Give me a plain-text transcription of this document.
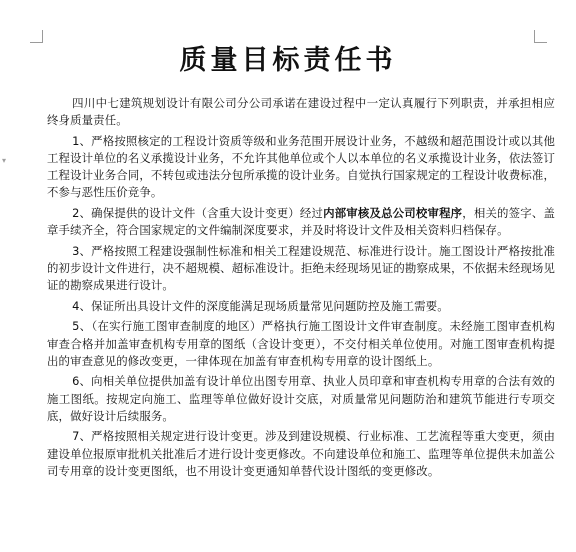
▾
质量目标责任书

四川中七建筑规划设计有限公司分公司承诺在建设过程中一定认真履行下列职责，并承担相应终身质量责任。

1、严格按照核定的工程设计资质等级和业务范围开展设计业务，不越级和超范围设计或以其他工程设计单位的名义承揽设计业务，不允许其他单位或个人以本单位的名义承揽设计业务，依法签订工程设计业务合同，不转包或违法分包所承揽的设计业务。自觉执行国家规定的工程设计收费标准，不参与恶性压价竞争。

2、确保提供的设计文件（含重大设计变更）经过内部审核及总公司校审程序，相关的签字、盖章手续齐全，符合国家规定的文件编制深度要求，并及时将设计文件及相关资料归档保存。

3、严格按照工程建设强制性标准和相关工程建设规范、标准进行设计。施工图设计严格按批准的初步设计文件进行，决不超规模、超标准设计。拒绝未经现场见证的勘察成果，不依据未经现场见证的勘察成果进行设计。

4、保证所出具设计文件的深度能满足现场质量常见问题防控及施工需要。

5、（在实行施工图审查制度的地区）严格执行施工图设计文件审查制度。未经施工图审查机构审查合格并加盖审查机构专用章的图纸（含设计变更），不交付相关单位使用。对施工图审查机构提出的审查意见的修改变更，一律体现在加盖有审查机构专用章的设计图纸上。

6、向相关单位提供加盖有设计单位出图专用章、执业人员印章和审查机构专用章的合法有效的施工图纸。按规定向施工、监理等单位做好设计交底，对质量常见问题防治和建筑节能进行专项交底，做好设计后续服务。

7、严格按照相关规定进行设计变更。涉及到建设规模、行业标准、工艺流程等重大变更，须由建设单位报原审批机关批准后才进行设计变更修改。不向建设单位和施工、监理等单位提供未加盖公司专用章的设计变更图纸，也不用设计变更通知单替代设计图纸的变更修改。
